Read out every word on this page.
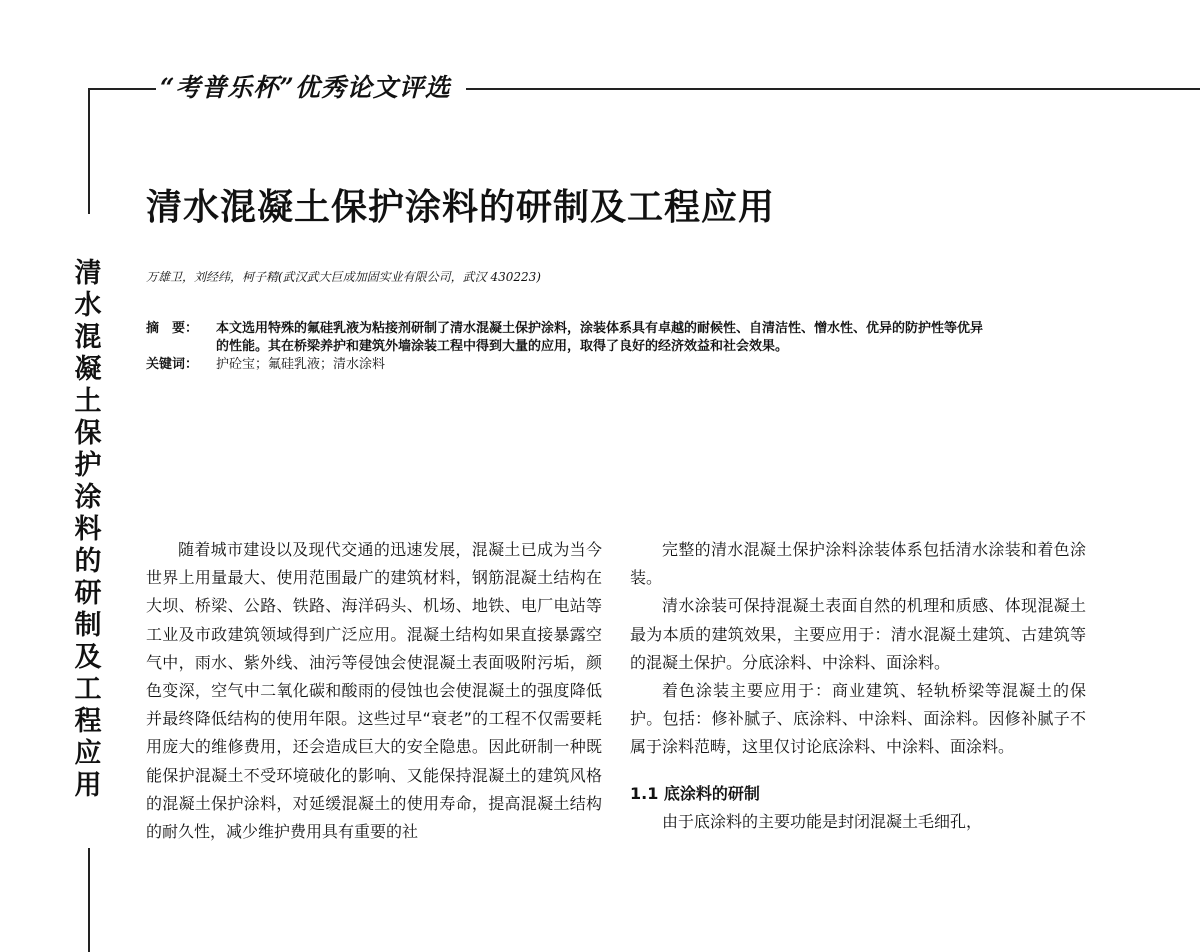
“考普乐杯”优秀论文评选
清水混凝土保护涂料的研制及工程应用
清水混凝土保护涂料的研制及工程应用
万雄卫，刘经纬，柯子精(武汉武大巨成加固实业有限公司，武汉 430223)
摘　要：	本文选用特殊的氟硅乳液为粘接剂研制了清水混凝土保护涂料，涂装体系具有卓越的耐候性、自清洁性、憎水性、优异的防护性等优异的性能。其在桥梁养护和建筑外墙涂装工程中得到大量的应用，取得了良好的经济效益和社会效果。
关键词：	护砼宝；氟硅乳液；清水涂料

随着城市建设以及现代交通的迅速发展，混凝土已成为当今世界上用量最大、使用范围最广的建筑材料，钢筋混凝土结构在大坝、桥梁、公路、铁路、海洋码头、机场、地铁、电厂电站等工业及市政建筑领域得到广泛应用。混凝土结构如果直接暴露空气中，雨水、紫外线、油污等侵蚀会使混凝土表面吸附污垢，颜色变深，空气中二氧化碳和酸雨的侵蚀也会使混凝土的强度降低并最终降低结构的使用年限。这些过早“衰老”的工程不仅需要耗用庞大的维修费用，还会造成巨大的安全隐患。因此研制一种既能保护混凝土不受环境破化的影响、又能保持混凝土的建筑风格的混凝土保护涂料，对延缓混凝土的使用寿命，提高混凝土结构的耐久性，减少维护费用具有重要的社

完整的清水混凝土保护涂料涂装体系包括清水涂装和着色涂装。

清水涂装可保持混凝土表面自然的机理和质感、体现混凝土最为本质的建筑效果，主要应用于：清水混凝土建筑、古建筑等的混凝土保护。分底涂料、中涂料、面涂料。

着色涂装主要应用于：商业建筑、轻轨桥梁等混凝土的保护。包括：修补腻子、底涂料、中涂料、面涂料。因修补腻子不属于涂料范畴，这里仅讨论底涂料、中涂料、面涂料。

1.1 底涂料的研制

由于底涂料的主要功能是封闭混凝土毛细孔，
